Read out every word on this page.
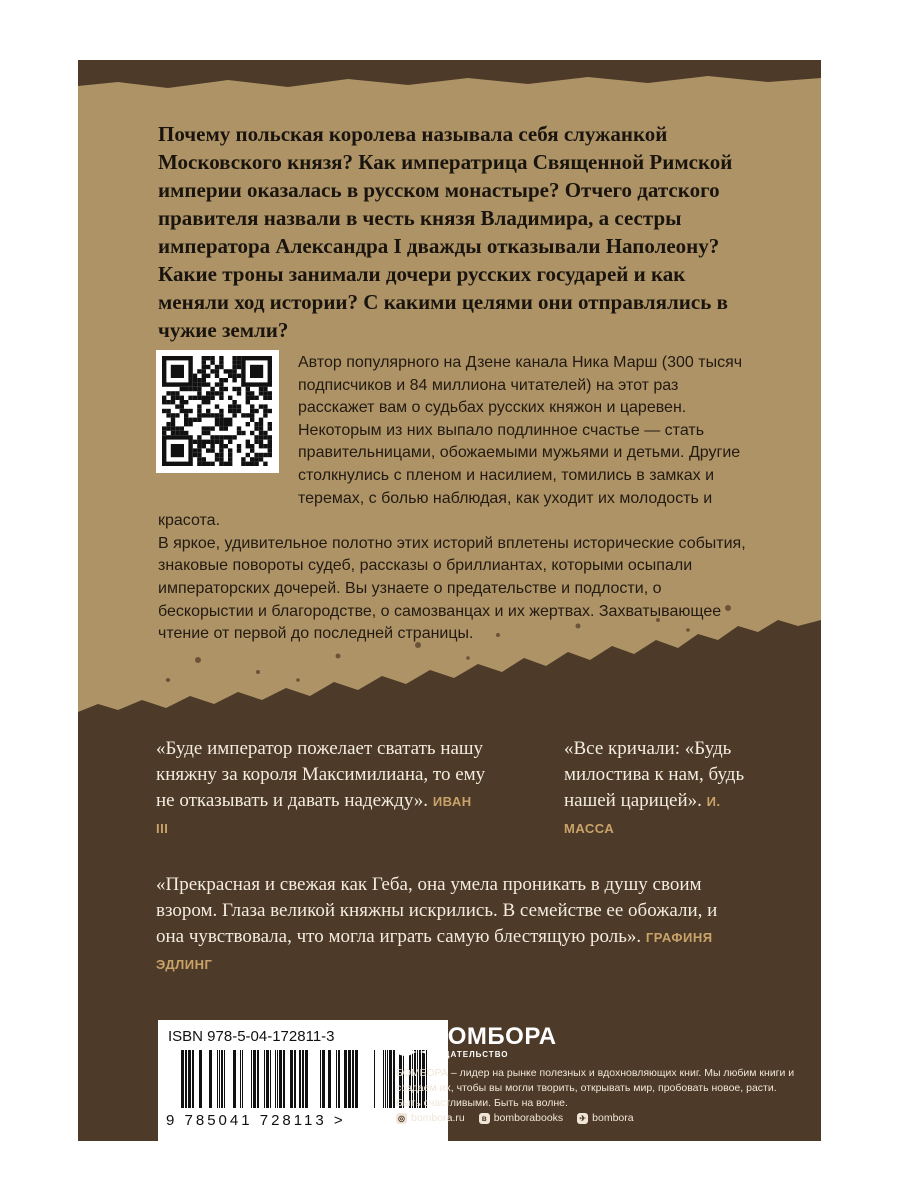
Почему польская королева называла себя служанкой Московского князя? Как императрица Священной Римской империи оказалась в русском монастыре? Отчего датского правителя назвали в честь князя Владимира, а сестры императора Александра I дважды отказывали Наполеону? Какие троны занимали дочери русских государей и как меняли ход истории? С какими целями они отправлялись в чужие земли?

Автор популярного на Дзене канала Ника Марш (300 тысяч подписчиков и 84 миллиона читателей) на этот раз расскажет вам о судьбах русских княжон и царевен. Некоторым из них выпало подлинное счастье — стать правительницами, обожаемыми мужьями и детьми. Другие столкнулись с пленом и насилием, томились в замках и теремах, с болью наблюдая, как уходит их молодость и красота.

В яркое, удивительное полотно этих историй вплетены исторические события, знаковые повороты судеб, рассказы о бриллиантах, которыми осыпали императорских дочерей. Вы узнаете о предательстве и подлости, о бескорыстии и благородстве, о самозванцах и их жертвах. Захватывающее чтение от первой до последней страницы.

«Буде император пожелает сватать нашу княжну за короля Максимилиана, то ему не отказывать и давать надежду». ИВАН III

«Все кричали: «Будь милостива к нам, будь нашей царицей». И. МАССА

«Прекрасная и свежая как Геба, она умела проникать в душу своим взором. Глаза великой княжны искрились. В семействе ее обожали, и она чувствовала, что могла играть самую блестящую роль». ГРАФИНЯ ЭДЛИНГ

ISBN 978-5-04-172811-3
9 785041 728113 >
БОМБОРА
ИЗДАТЕЛЬСТВО

БОМБОРА – лидер на рынке полезных и вдохновляющих книг. Мы любим книги и создаем их, чтобы вы могли творить, открывать мир, пробовать новое, расти. Быть счастливыми. Быть на волне.

◎ bombora.ru	в bomborabooks ✈ bombora
